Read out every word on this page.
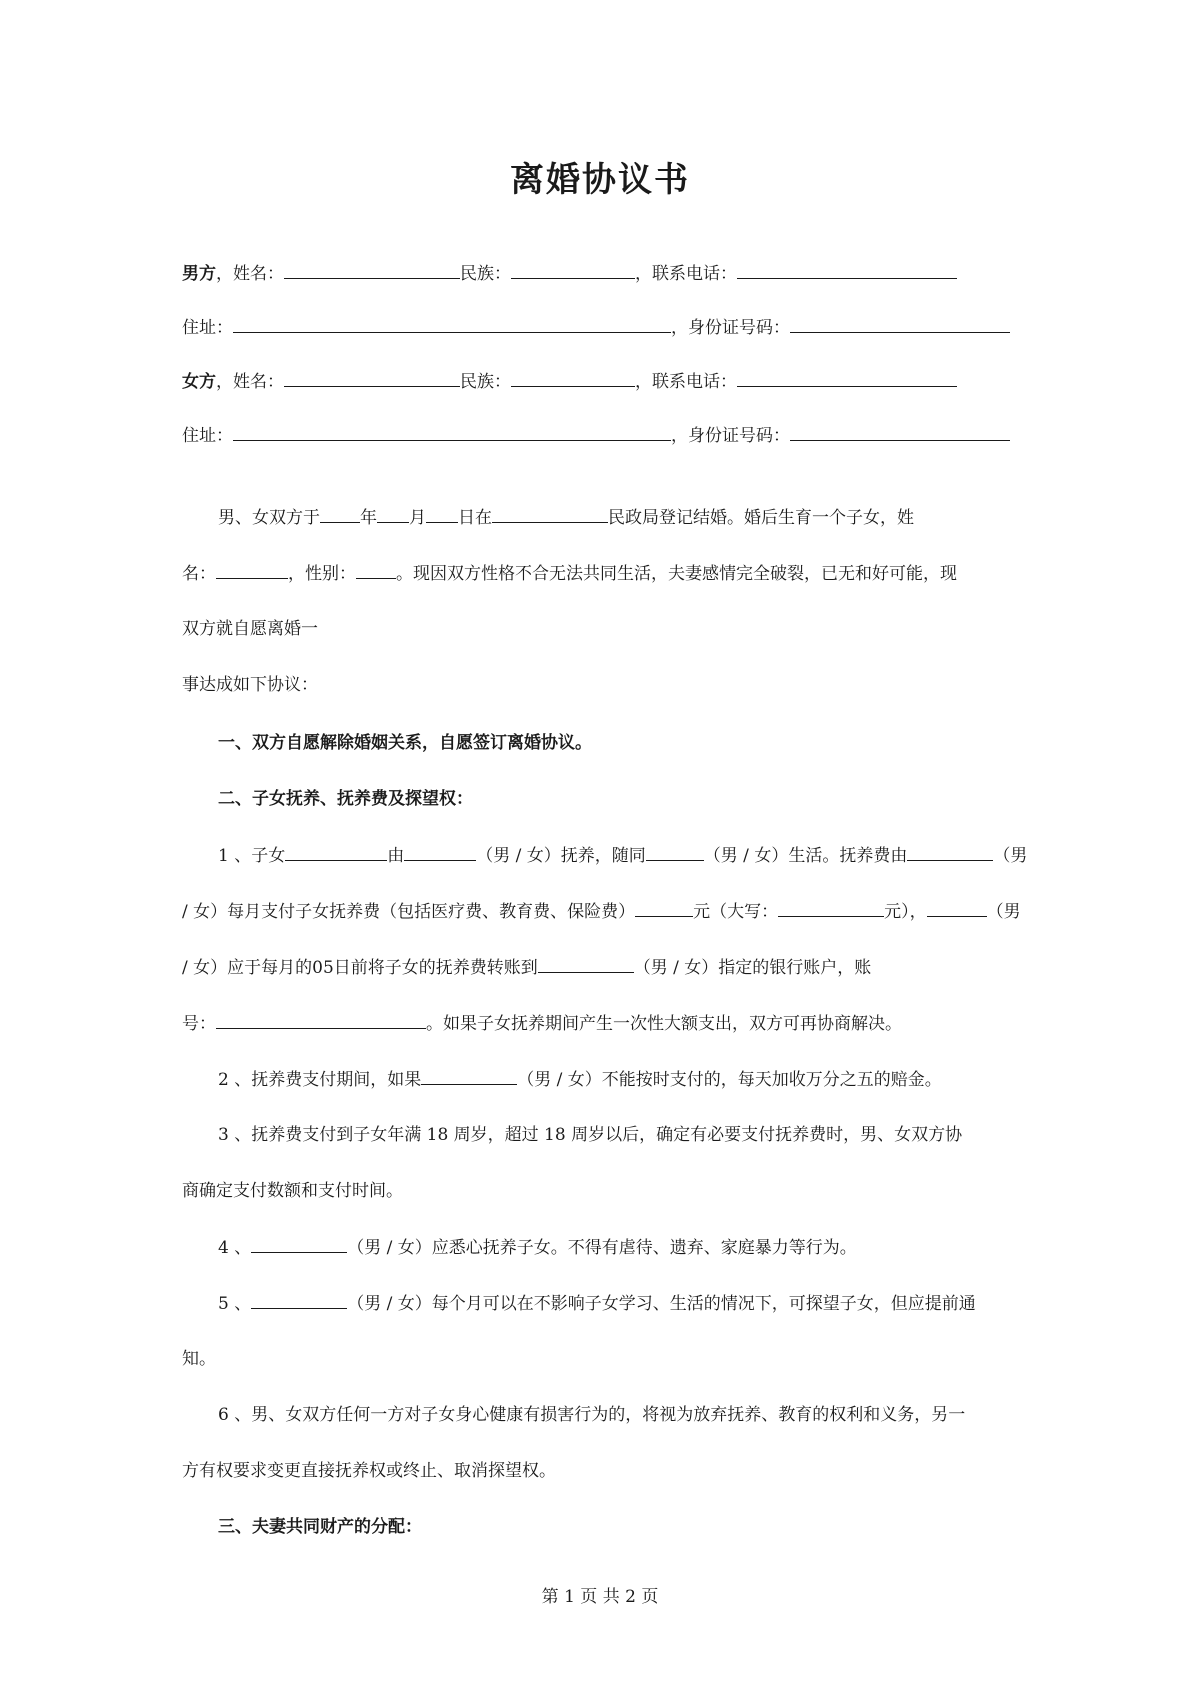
离婚协议书
男方，姓名：	民族：	，联系电话：
住址：	，身份证号码：
女方，姓名：	民族：	，联系电话：
住址：	，身份证号码：
男、女双方于 年 月 日在	民政局登记结婚。婚后生育一个子女，姓
名：	，性别： 。现因双方性格不合无法共同生活，夫妻感情完全破裂，已无和好可能，现
双方就自愿离婚一
事达成如下协议：
一、双方自愿解除婚姻关系，自愿签订离婚协议。
二、子女抚养、抚养费及探望权：
1 、子女	由	（男 / 女）抚养，随同	（男 / 女）生活。抚养费由	（男
/ 女）每月支付子女抚养费（包括医疗费、教育费、保险费）	元（大写：	元），	（男
/ 女）应于每月的05日前将子女的抚养费转账到	（男 / 女）指定的银行账户，账
号：	。如果子女抚养期间产生一次性大额支出，双方可再协商解决。
2 、抚养费支付期间，如果	（男 / 女）不能按时支付的，每天加收万分之五的赔金。
3 、抚养费支付到子女年满 18 周岁，超过 18 周岁以后，确定有必要支付抚养费时，男、女双方协
商确定支付数额和支付时间。
4 、	（男 / 女）应悉心抚养子女。不得有虐待、遗弃、家庭暴力等行为。
5 、	（男 / 女）每个月可以在不影响子女学习、生活的情况下，可探望子女，但应提前通
知。
6 、男、女双方任何一方对子女身心健康有损害行为的，将视为放弃抚养、教育的权利和义务，另一
方有权要求变更直接抚养权或终止、取消探望权。
三、夫妻共同财产的分配：
第 1 页 共 2 页
